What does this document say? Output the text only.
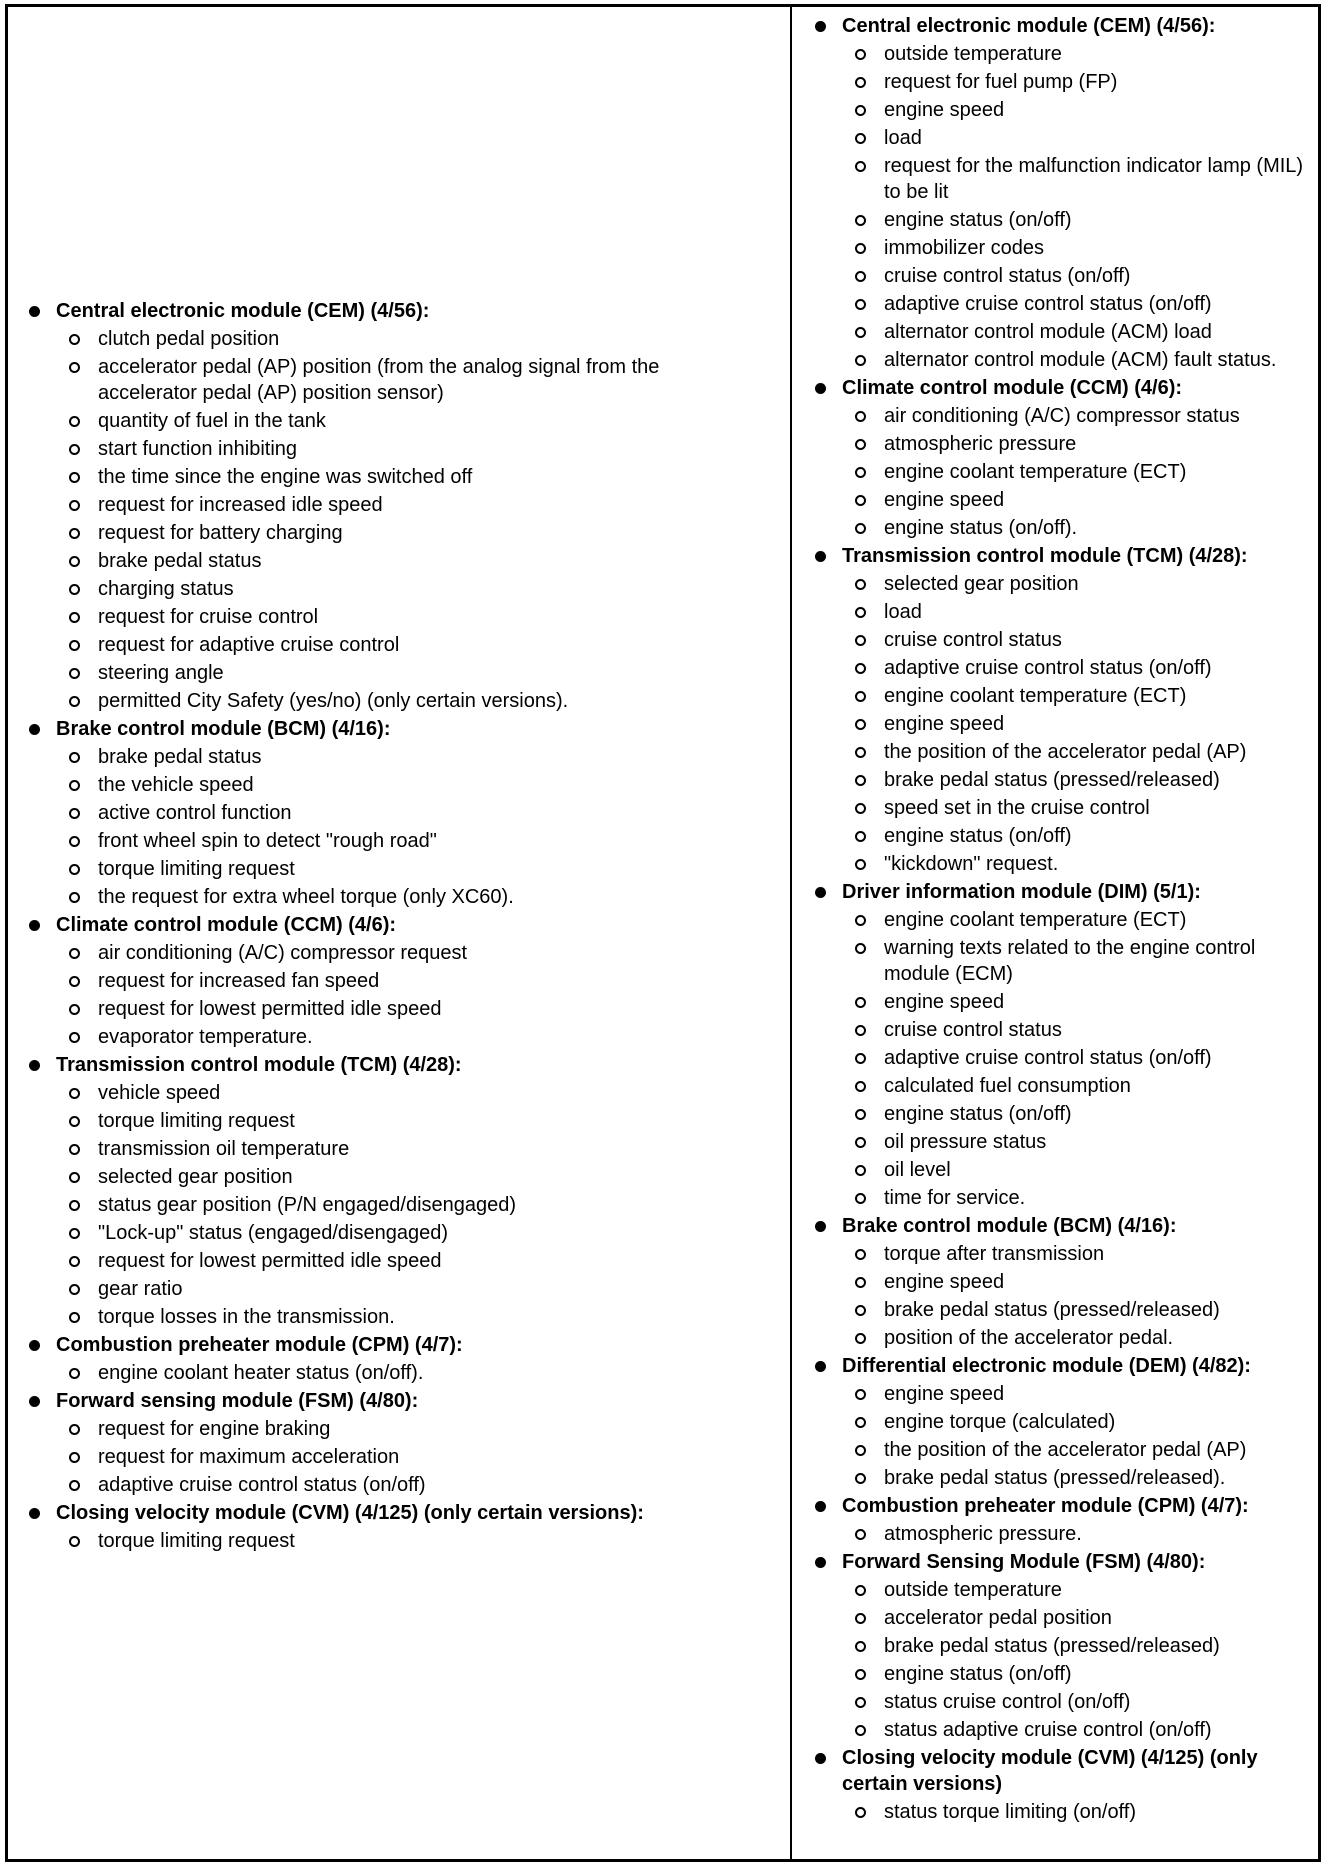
Central electronic module (CEM) (4/56):
clutch pedal position
accelerator pedal (AP) position (from the analog signal from the accelerator pedal (AP) position sensor)
quantity of fuel in the tank
start function inhibiting
the time since the engine was switched off
request for increased idle speed
request for battery charging
brake pedal status
charging status
request for cruise control
request for adaptive cruise control
steering angle
permitted City Safety (yes/no) (only certain versions).
Brake control module (BCM) (4/16):
brake pedal status
the vehicle speed
active control function
front wheel spin to detect "rough road"
torque limiting request
the request for extra wheel torque (only XC60).
Climate control module (CCM) (4/6):
air conditioning (A/C) compressor request
request for increased fan speed
request for lowest permitted idle speed
evaporator temperature.
Transmission control module (TCM) (4/28):
vehicle speed
torque limiting request
transmission oil temperature
selected gear position
status gear position (P/N engaged/disengaged)
"Lock-up" status (engaged/disengaged)
request for lowest permitted idle speed
gear ratio
torque losses in the transmission.
Combustion preheater module (CPM) (4/7):
engine coolant heater status (on/off).
Forward sensing module (FSM) (4/80):
request for engine braking
request for maximum acceleration
adaptive cruise control status (on/off)
Closing velocity module (CVM) (4/125) (only certain versions):
torque limiting request
Central electronic module (CEM) (4/56):
outside temperature
request for fuel pump (FP)
engine speed
load
request for the malfunction indicator lamp (MIL) to be lit
engine status (on/off)
immobilizer codes
cruise control status (on/off)
adaptive cruise control status (on/off)
alternator control module (ACM) load
alternator control module (ACM) fault status.
Climate control module (CCM) (4/6):
air conditioning (A/C) compressor status
atmospheric pressure
engine coolant temperature (ECT)
engine speed
engine status (on/off).
Transmission control module (TCM) (4/28):
selected gear position
load
cruise control status
adaptive cruise control status (on/off)
engine coolant temperature (ECT)
engine speed
the position of the accelerator pedal (AP)
brake pedal status (pressed/released)
speed set in the cruise control
engine status (on/off)
"kickdown" request.
Driver information module (DIM) (5/1):
engine coolant temperature (ECT)
warning texts related to the engine control module (ECM)
engine speed
cruise control status
adaptive cruise control status (on/off)
calculated fuel consumption
engine status (on/off)
oil pressure status
oil level
time for service.
Brake control module (BCM) (4/16):
torque after transmission
engine speed
brake pedal status (pressed/released)
position of the accelerator pedal.
Differential electronic module (DEM) (4/82):
engine speed
engine torque (calculated)
the position of the accelerator pedal (AP)
brake pedal status (pressed/released).
Combustion preheater module (CPM) (4/7):
atmospheric pressure.
Forward Sensing Module (FSM) (4/80):
outside temperature
accelerator pedal position
brake pedal status (pressed/released)
engine status (on/off)
status cruise control (on/off)
status adaptive cruise control (on/off)
Closing velocity module (CVM) (4/125) (only certain versions)
status torque limiting (on/off)
